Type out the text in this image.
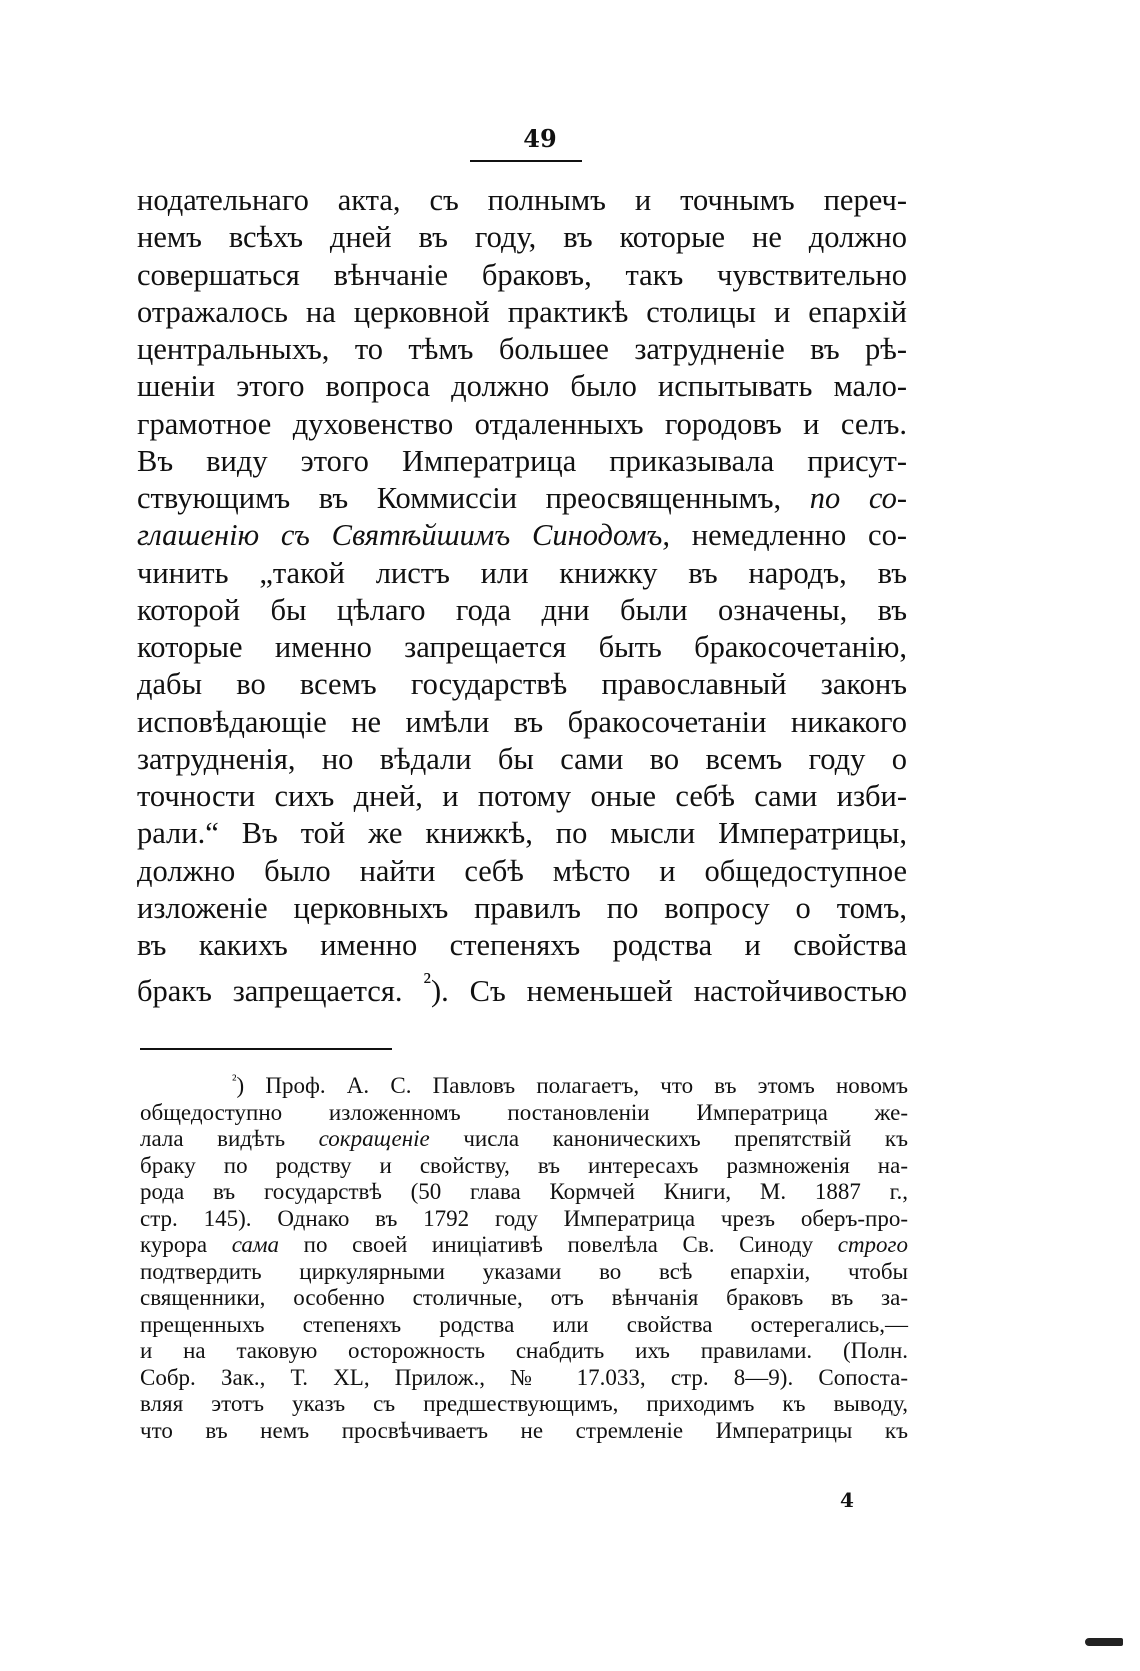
49
нодательнаго акта, съ полнымъ и точнымъ переч-
немъ всѣхъ дней въ году, въ которые не должно
совершаться вѣнчаніе браковъ, такъ чувствительно
отражалось на церковной практикѣ столицы и епархій
центральныхъ, то тѣмъ большее затрудненіе въ рѣ-
шеніи этого вопроса должно было испытывать мало-
грамотное духовенство отдаленныхъ городовъ и селъ.
Въ виду этого Императрица приказывала присут-
ствующимъ въ Коммиссіи преосвященнымъ, по со-
глашенію съ Святѣйшимъ Синодомъ, немедленно со-
чинить „такой листъ или книжку въ народъ, въ
которой бы цѣлаго года дни были означены, въ
которые именно запрещается быть бракосочетанію,
дабы во всемъ государствѣ православный законъ
исповѣдающіе не имѣли въ бракосочетаніи никакого
затрудненія, но вѣдали бы сами во всемъ году о
точности сихъ дней, и потому оные себѣ сами изби-
рали.“ Въ той же книжкѣ, по мысли Императрицы,
должно было найти себѣ мѣсто и общедоступное
изложеніе церковныхъ правилъ по вопросу о томъ,
въ какихъ именно степеняхъ родства и свойства
бракъ запрещается. $^{^2}$). Съ неменьшей настойчивостью
$^{^2}$) Проф. А. С. Павловъ полагаетъ, что въ этомъ новомъ
общедоступно изложенномъ постановленіи Императрица же-
лала видѣть сокращеніе числа каноническихъ препятствій къ
браку по родству и свойству, въ интересахъ размноженія на-
рода въ государствѣ (50 глава Кормчей Книги, М. 1887 г.,
стр. 145). Однако въ 1792 году Императрица чрезъ оберъ-про-
курора сама по своей иниціативѣ повелѣла Св. Синоду строго
подтвердить циркулярными указами во всѣ епархіи, чтобы
священники, особенно столичные, отъ вѣнчанія браковъ въ за-
прещенныхъ степеняхъ родства или свойства остерегались,—
и на таковую осторожность снабдить ихъ правилами. (Полн.
Собр. Зак., Т. XL, Прилож., № 17.033, стр. 8—9). Сопоста-
вляя этотъ указъ съ предшествующимъ, приходимъ къ выводу,
что въ немъ просвѣчиваетъ не стремленіе Императрицы къ
4
